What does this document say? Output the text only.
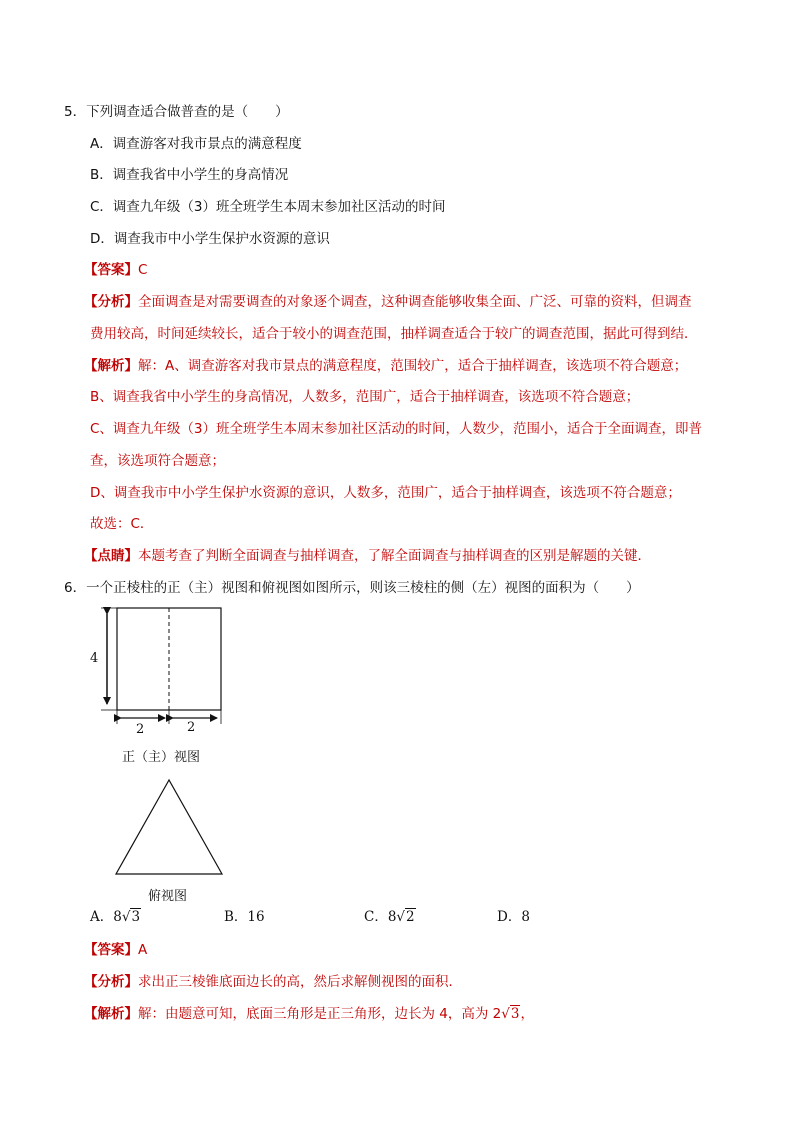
5．下列调查适合做普查的是（　　）
A．调查游客对我市景点的满意程度
B．调查我省中小学生的身高情况
C．调查九年级（3）班全班学生本周末参加社区活动的时间
D．调查我市中小学生保护水资源的意识
【答案】C
【分析】全面调查是对需要调查的对象逐个调查，这种调查能够收集全面、广泛、可靠的资料，但调查
费用较高，时间延续较长，适合于较小的调查范围，抽样调查适合于较广的调查范围，据此可得到结．
【解析】解：A、调查游客对我市景点的满意程度，范围较广，适合于抽样调查，该选项不符合题意；
B、调查我省中小学生的身高情况，人数多，范围广，适合于抽样调查，该选项不符合题意；
C、调查九年级（3）班全班学生本周末参加社区活动的时间，人数少，范围小，适合于全面调查，即普
查，该选项符合题意；
D、调查我市中小学生保护水资源的意识，人数多，范围广，适合于抽样调查，该选项不符合题意；
故选：C．
【点睛】本题考查了判断全面调查与抽样调查，了解全面调查与抽样调查的区别是解题的关键．
6．一个正棱柱的正（主）视图和俯视图如图所示，则该三棱柱的侧（左）视图的面积为（　　）
4
2	2
正（主）视图
俯视图
A．8√3	B．16	C．8√2	D．8
【答案】A
【分析】求出正三棱锥底面边长的高，然后求解侧视图的面积．
【解析】解：由题意可知，底面三角形是正三角形，边长为 4，高为 2√3，
